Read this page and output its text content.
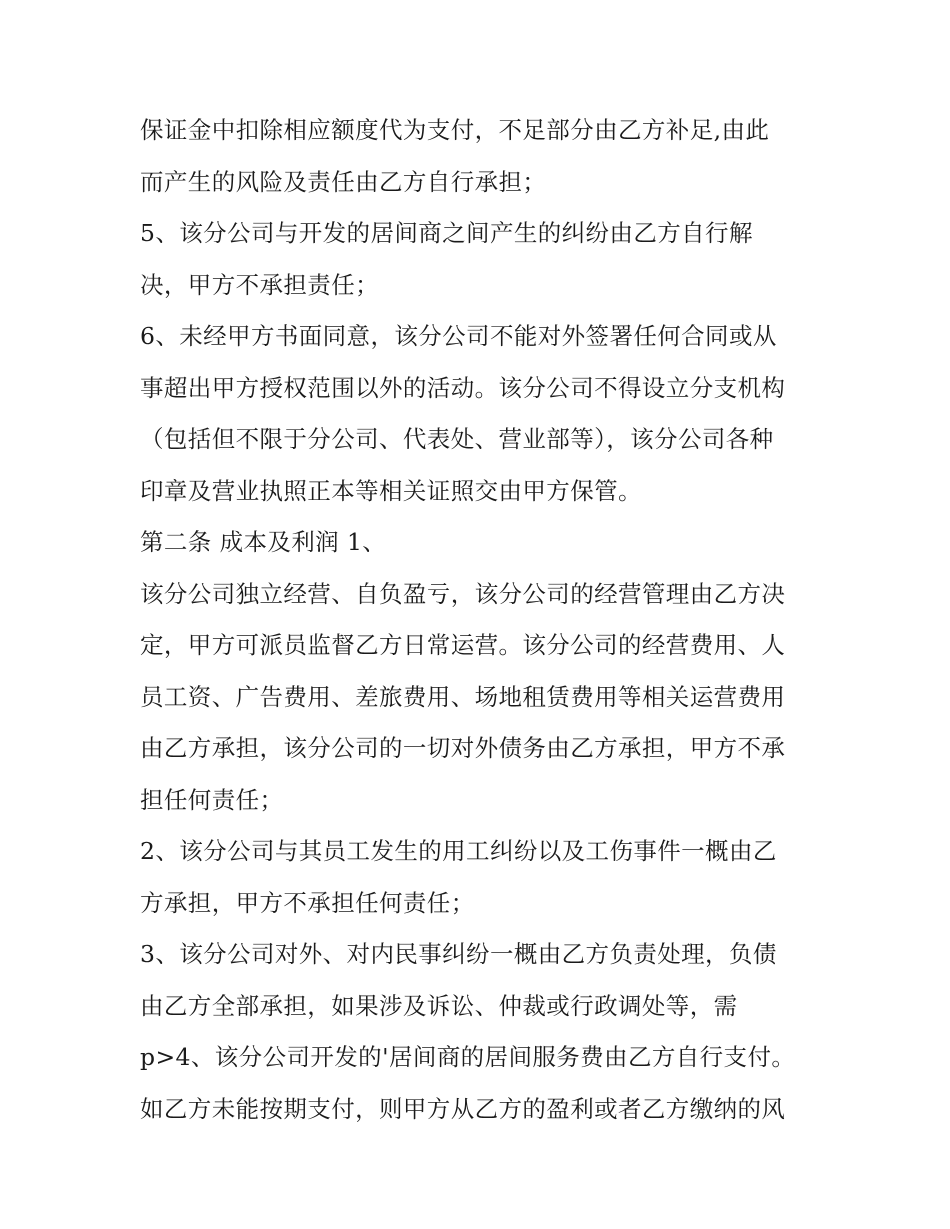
保证金中扣除相应额度代为支付，不足部分由乙方补足,由此
而产生的风险及责任由乙方自行承担；
5、该分公司与开发的居间商之间产生的纠纷由乙方自行解
决，甲方不承担责任；
6、未经甲方书面同意，该分公司不能对外签署任何合同或从
事超出甲方授权范围以外的活动。该分公司不得设立分支机构
（包括但不限于分公司、代表处、营业部等），该分公司各种
印章及营业执照正本等相关证照交由甲方保管。
第二条 成本及利润 1、
该分公司独立经营、自负盈亏，该分公司的经营管理由乙方决
定，甲方可派员监督乙方日常运营。该分公司的经营费用、人
员工资、广告费用、差旅费用、场地租赁费用等相关运营费用
由乙方承担，该分公司的一切对外债务由乙方承担，甲方不承
担任何责任；
2、该分公司与其员工发生的用工纠纷以及工伤事件一概由乙
方承担，甲方不承担任何责任；
3、该分公司对外、对内民事纠纷一概由乙方负责处理，负债
由乙方全部承担，如果涉及诉讼、仲裁或行政调处等，需
p>4、该分公司开发的'居间商的居间服务费由乙方自行支付。
如乙方未能按期支付，则甲方从乙方的盈利或者乙方缴纳的风
